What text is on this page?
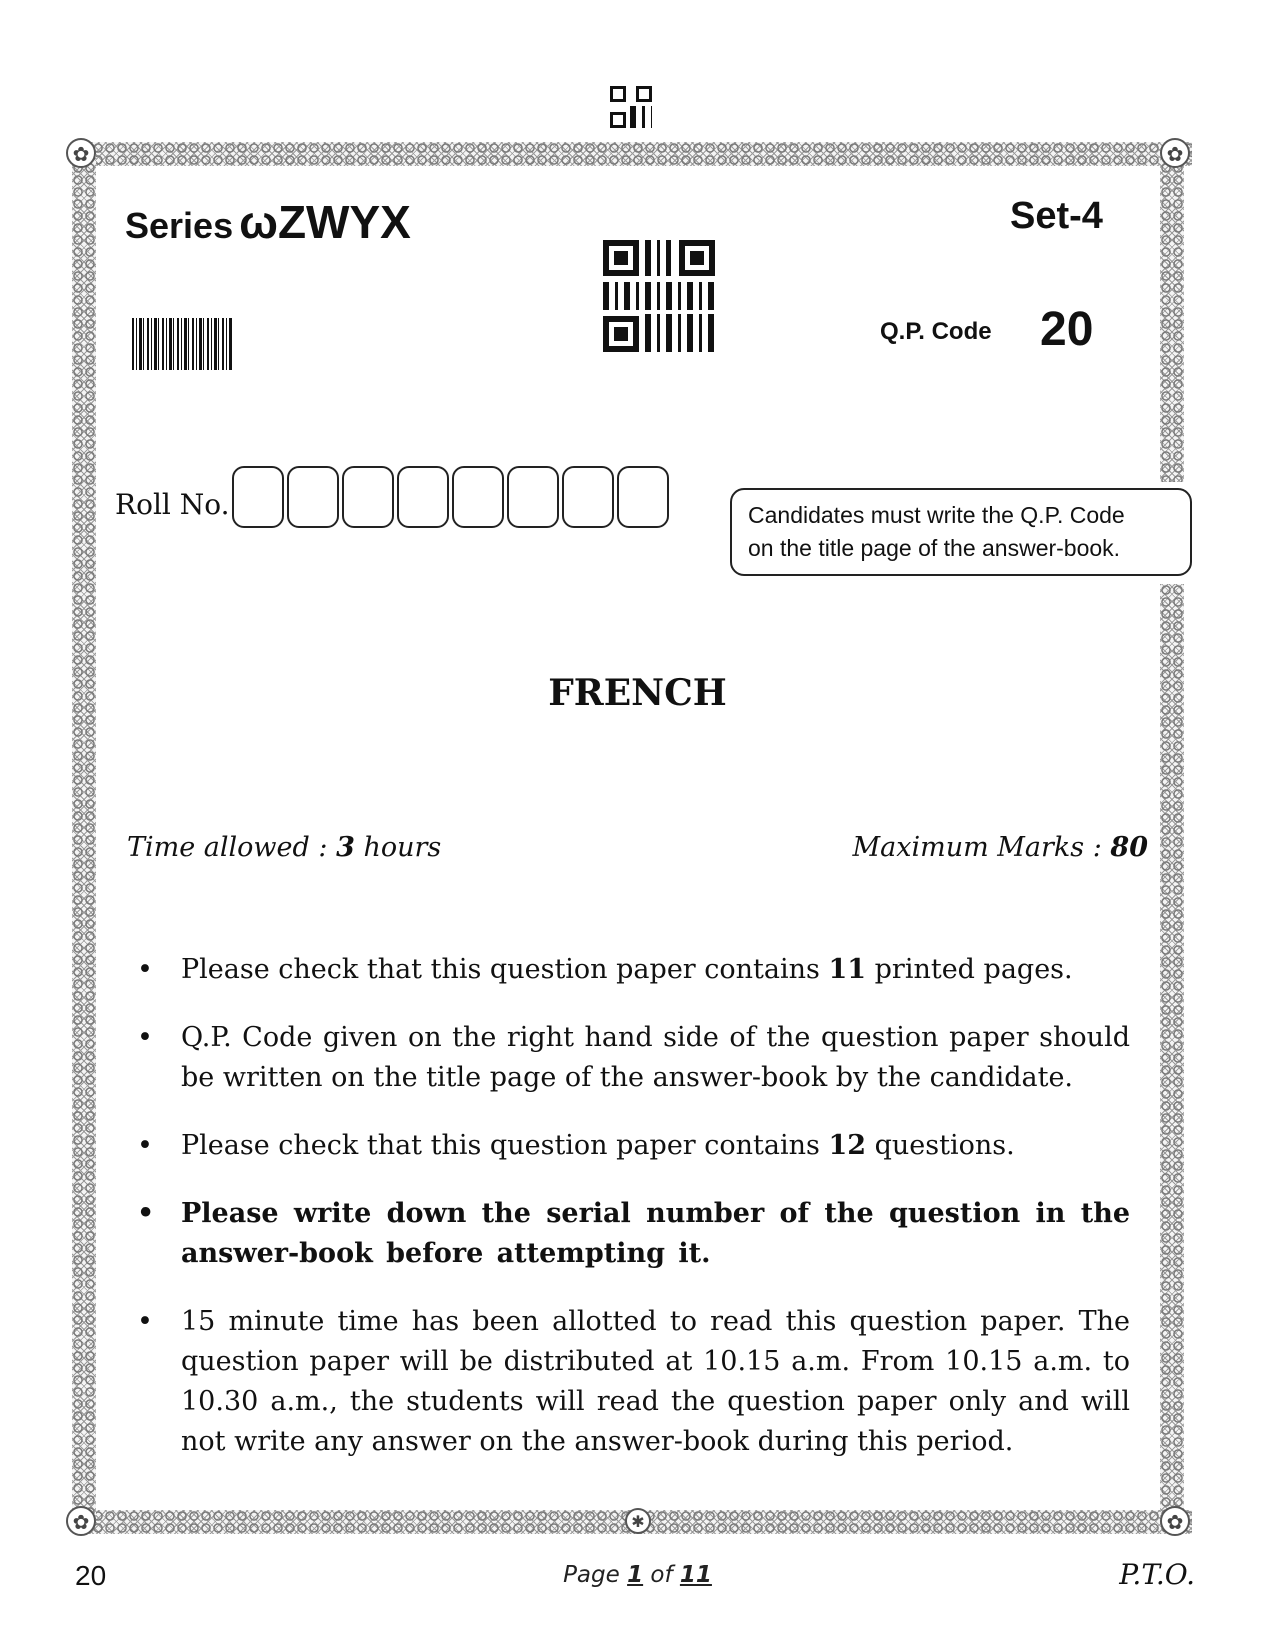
✿	✿
✿	✿
✱
Series ωZWYX	Set-4
Q.P. Code 20
Roll No.	Candidates must write the Q.P. Code
on the title page of the answer-book.
FRENCH
Time allowed : 3 hours	Maximum Marks : 80
• Please check that this question paper contains 11 printed pages.
• Q.P. Code given on the right hand side of the question paper should be written on the title page of the answer-book by the candidate.
• Please check that this question paper contains 12 questions.
• Please write down the serial number of the question in the answer-book before attempting it.
• 15 minute time has been allotted to read this question paper. The question paper will be distributed at 10.15 a.m. From 10.15 a.m. to 10.30 a.m., the students will read the question paper only and will not write any answer on the answer-book during this period.
20	Page 1 of 11	P.T.O.
